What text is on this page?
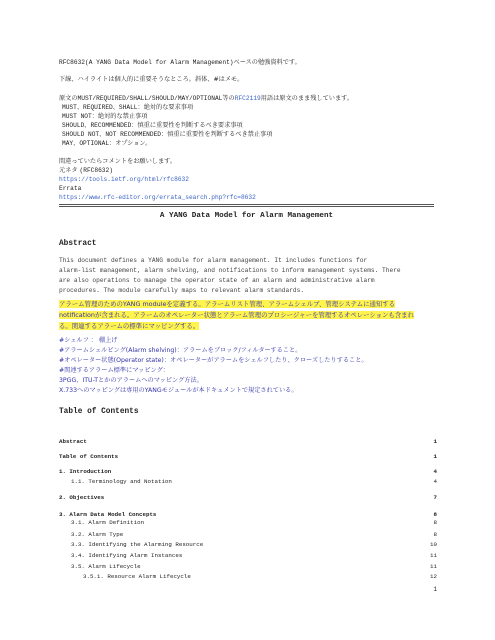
RFC8632(A YANG Data Model for Alarm Management)ベースの勉強資料です。
下線、ハイライトは個人的に重要そうなところ。斜体、#はメモ。
原文のMUST/REQUIRED/SHALL/SHOULD/MAY/OPTIONAL等のRFC2119用語は原文のまま残しています。
MUST、REQUIRED、SHALL：絶対的な要求事項
MUST NOT：絶対的な禁止事項
SHOULD、RECOMMENDED：慎重に重要性を判断するべき要求事項
SHOULD NOT、NOT RECOMMENDED：慎重に重要性を判断するべき禁止事項
MAY、OPTIONAL：オプション。
間違っていたらコメントをお願いします。
元ネタ (RFC8632)
https://tools.ietf.org/html/rfc8632
Errata
https://www.rfc-editor.org/errata_search.php?rfc=8632
A YANG Data Model for Alarm Management
Abstract
This document defines a YANG module for alarm management. It includes functions for
alarm-list management, alarm shelving, and notifications to inform management systems. There
are also operations to manage the operator state of an alarm and administrative alarm
procedures. The module carefully maps to relevant alarm standards.
アラーム管理のためのYANG moduleを定義する。アラームリスト管理、アラームシェルブ、管理システムに通知する
notificationが含まれる。アラームのオペレーター状態とアラーム管理のプロシージャーを管理するオペレーションも含まれ
る。関連するアラームの標準にマッピングする。
#シェルフ ： 棚上げ
#アラームシェルビング(Alarm shelving)：アラームをブロック/フィルターすること。
#オペレーター状態(Operator state)：オペレーターがアラームをシェルフしたり、クローズしたりすること。
#関連するアラーム標準にマッピング：
3PGG、ITU-Tとかのアラームへのマッピング方法。
X.733へのマッピングは専用のYANGモジュールが本ドキュメントで規定されている。
Table of Contents
Abstract	1
Table of Contents	1
1. Introduction	4
1.1. Terminology and Notation	4
2. Objectives	7
3. Alarm Data Model Concepts	8
3.1. Alarm Definition	8
3.2. Alarm Type	8
3.3. Identifying the Alarming Resource	10
3.4. Identifying Alarm Instances	11
3.5. Alarm Lifecycle	11
3.5.1. Resource Alarm Lifecycle	12
1
